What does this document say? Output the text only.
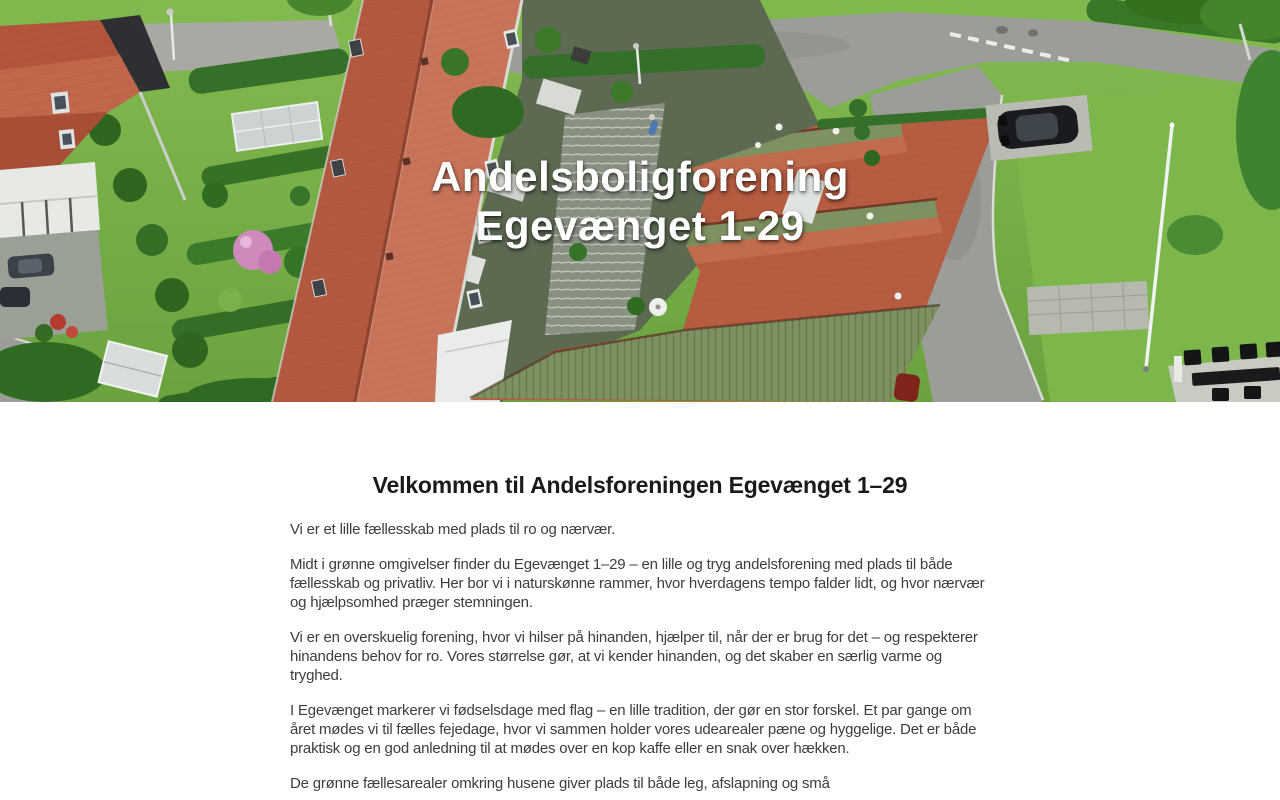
Andelsboligforening
Egevænget 1-29
Velkommen til Andelsforeningen Egevænget 1–29

Vi er et lille fællesskab med plads til ro og nærvær.

Midt i grønne omgivelser finder du Egevænget 1–29 – en lille og tryg andelsforening med plads til både fællesskab og privatliv. Her bor vi i naturskønne rammer, hvor hverdagens tempo falder lidt, og hvor nærvær og hjælpsomhed præger stemningen.

Vi er en overskuelig forening, hvor vi hilser på hinanden, hjælper til, når der er brug for det – og respekterer hinandens behov for ro. Vores størrelse gør, at vi kender hinanden, og det skaber en særlig varme og tryghed.

I Egevænget markerer vi fødselsdage med flag – en lille tradition, der gør en stor forskel. Et par gange om året mødes vi til fælles fejedage, hvor vi sammen holder vores udearealer pæne og hyggelige. Det er både praktisk og en god anledning til at mødes over en kop kaffe eller en snak over hækken.

De grønne fællesarealer omkring husene giver plads til både leg, afslapning og små
